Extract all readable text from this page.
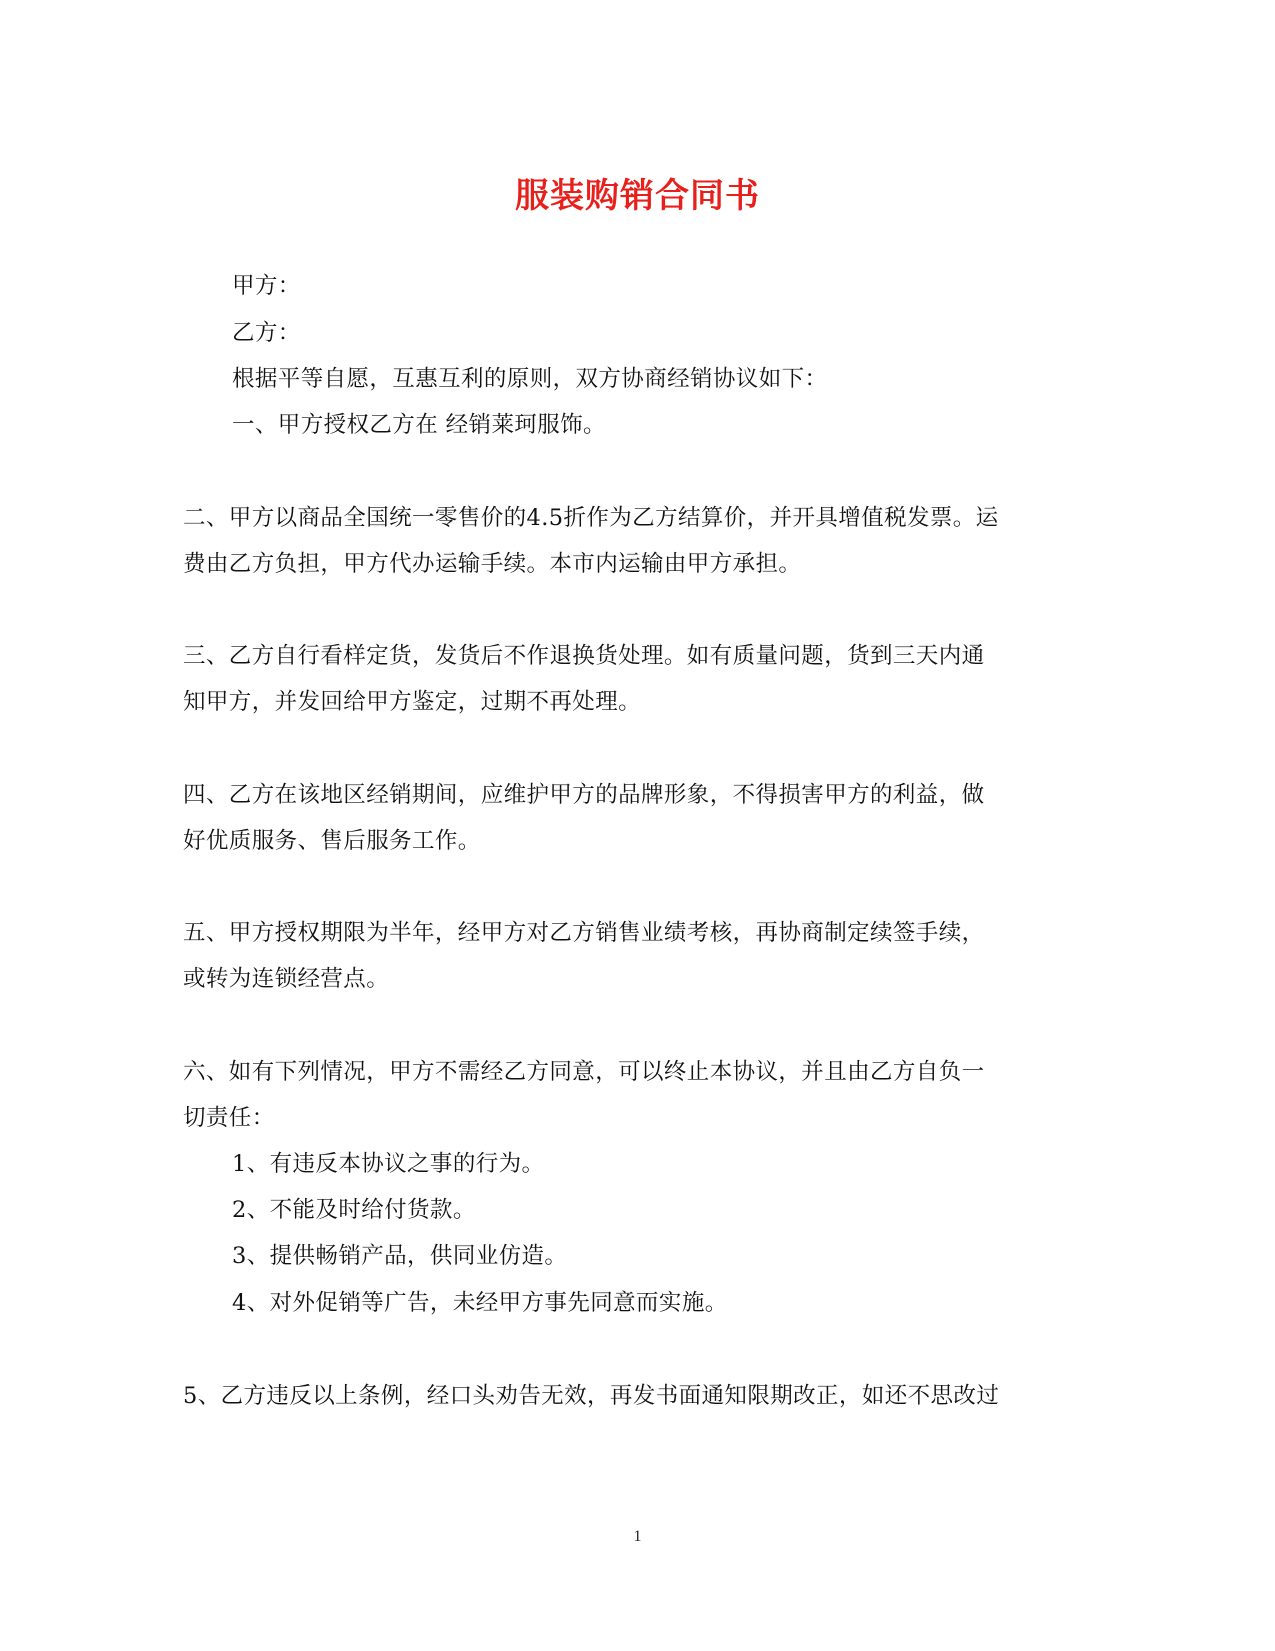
服装购销合同书
甲方：
乙方：
根据平等自愿，互惠互利的原则，双方协商经销协议如下：
一、甲方授权乙方在 经销莱珂服饰。
二、甲方以商品全国统一零售价的4.5折作为乙方结算价，并开具增值税发票。运
费由乙方负担，甲方代办运输手续。本市内运输由甲方承担。
三、乙方自行看样定货，发货后不作退换货处理。如有质量问题，货到三天内通
知甲方，并发回给甲方鉴定，过期不再处理。
四、乙方在该地区经销期间，应维护甲方的品牌形象，不得损害甲方的利益，做
好优质服务、售后服务工作。
五、甲方授权期限为半年，经甲方对乙方销售业绩考核，再协商制定续签手续，
或转为连锁经营点。
六、如有下列情况，甲方不需经乙方同意，可以终止本协议，并且由乙方自负一
切责任：
1、有违反本协议之事的行为。
2、不能及时给付货款。
3、提供畅销产品，供同业仿造。
4、对外促销等广告，未经甲方事先同意而实施。
5、乙方违反以上条例，经口头劝告无效，再发书面通知限期改正，如还不思改过
1
